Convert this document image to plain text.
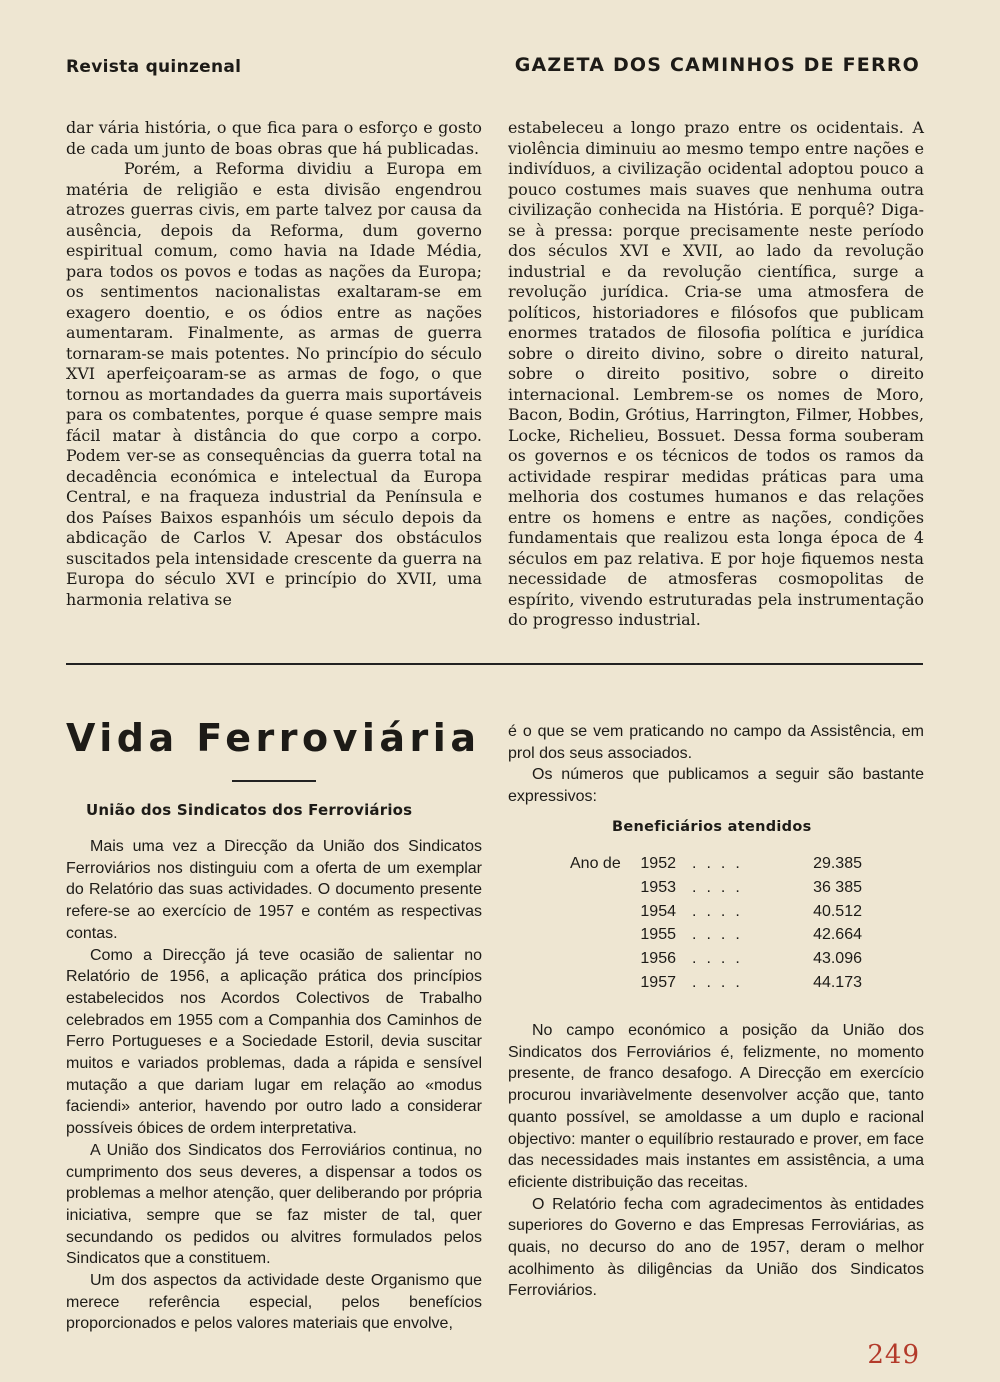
Revista quinzenal	GAZETA DOS CAMINHOS DE FERRO

dar vária história, o que fica para o esforço e gosto de cada um junto de boas obras que há publicadas.

Porém, a Reforma dividiu a Europa em matéria de religião e esta divisão engendrou atrozes guerras civis, em parte talvez por causa da ausência, depois da Reforma, dum governo espiritual comum, como havia na Idade Média, para todos os povos e todas as nações da Europa; os sentimentos nacionalistas exaltaram-se em exagero doentio, e os ódios entre as nações aumentaram. Finalmente, as armas de guerra tornaram-se mais potentes. No princípio do século XVI aperfeiçoaram-se as armas de fogo, o que tornou as mortandades da guerra mais suportáveis para os combatentes, porque é quase sempre mais fácil matar à distância do que corpo a corpo. Podem ver-se as consequências da guerra total na decadência económica e intelectual da Europa Central, e na fraqueza industrial da Península e dos Países Baixos espanhóis um século depois da abdicação de Carlos V. Apesar dos obstáculos suscitados pela intensidade crescente da guerra na Europa do século XVI e princípio do XVII, uma harmonia relativa se

estabeleceu a longo prazo entre os ocidentais. A violência diminuiu ao mesmo tempo entre nações e indivíduos, a civilização ocidental adoptou pouco a pouco costumes mais suaves que nenhuma outra civilização conhecida na História. E porquê? Diga-se à pressa: porque precisamente neste período dos séculos XVI e XVII, ao lado da revolução industrial e da revolução científica, surge a revolução jurídica. Cria-se uma atmosfera de políticos, historiadores e filósofos que publicam enormes tratados de filosofia política e jurídica sobre o direito divino, sobre o direito natural, sobre o direito positivo, sobre o direito internacional. Lembrem-se os nomes de Moro, Bacon, Bodin, Grótius, Harrington, Filmer, Hobbes, Locke, Richelieu, Bossuet. Dessa forma souberam os governos e os técnicos de todos os ramos da actividade respirar medidas práticas para uma melhoria dos costumes humanos e das relações entre os homens e entre as nações, condições fundamentais que realizou esta longa época de 4 séculos em paz relativa. E por hoje fiquemos nesta necessidade de atmosferas cosmopolitas de espírito, vivendo estruturadas pela instrumentação do progresso industrial.

Vida Ferroviária
União dos Sindicatos dos Ferroviários

Mais uma vez a Direcção da União dos Sindicatos Ferroviários nos distinguiu com a oferta de um exemplar do Relatório das suas actividades. O documento presente refere-se ao exercício de 1957 e contém as respectivas contas.

Como a Direcção já teve ocasião de salientar no Relatório de 1956, a aplicação prática dos princípios estabelecidos nos Acordos Colectivos de Trabalho celebrados em 1955 com a Companhia dos Caminhos de Ferro Portugueses e a Sociedade Estoril, devia suscitar muitos e variados problemas, dada a rápida e sensível mutação a que dariam lugar em relação ao «modus faciendi» anterior, havendo por outro lado a considerar possíveis óbices de ordem interpretativa.

A União dos Sindicatos dos Ferroviários continua, no cumprimento dos seus deveres, a dispensar a todos os problemas a melhor atenção, quer deliberando por própria iniciativa, sempre que se faz mister de tal, quer secundando os pedidos ou alvitres formulados pelos Sindicatos que a constituem.

Um dos aspectos da actividade deste Organismo que merece referência especial, pelos benefícios proporcionados e pelos valores materiais que envolve,

é o que se vem praticando no campo da Assistência, em prol dos seus associados.

Os números que publicamos a seguir são bastante expressivos:

Beneficiários atendidos
Ano de 1952 ....	29.385
1953 ....	36 385
1954 ....	40.512
1955 ....	42.664
1956 ....	43.096
1957 ....	44.173

No campo económico a posição da União dos Sindicatos dos Ferroviários é, felizmente, no momento presente, de franco desafogo. A Direcção em exercício procurou invariàvelmente desenvolver acção que, tanto quanto possível, se amoldasse a um duplo e racional objectivo: manter o equilíbrio restaurado e prover, em face das necessidades mais instantes em assistência, a uma eficiente distribuição das receitas.

O Relatório fecha com agradecimentos às entidades superiores do Governo e das Empresas Ferroviárias, as quais, no decurso do ano de 1957, deram o melhor acolhimento às diligências da União dos Sindicatos Ferroviários.

249
